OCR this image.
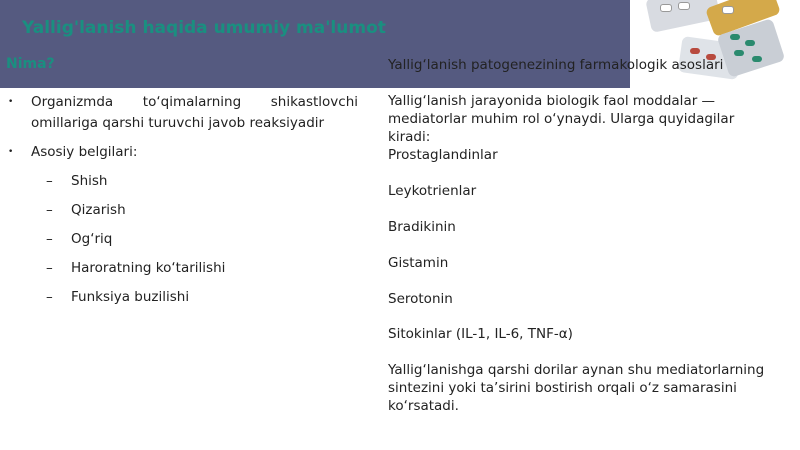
Yallig'lanish haqida umumiy ma'lumot
Nima?
• Organizmda to‘qimalarning shikastlovchi omillariga qarshi turuvchi javob reaksiyadir
• Asosiy belgilari:
– Shish
– Qizarish
– Og‘riq
– Haroratning ko‘tarilishi
– Funksiya buzilishi

Yallig‘lanish patogenezining farmakologik asoslari

Yallig‘lanish jarayonida biologik faol moddalar — mediatorlar muhim rol o‘ynaydi. Ularga quyidagilar kiradi:

Prostaglandinlar

Leykotrienlar

Bradikinin

Gistamin

Serotonin

Sitokinlar (IL-1, IL-6, TNF-α)

Yallig‘lanishga qarshi dorilar aynan shu mediatorlarning sintezini yoki ta’sirini bostirish orqali o‘z samarasini ko‘rsatadi.
